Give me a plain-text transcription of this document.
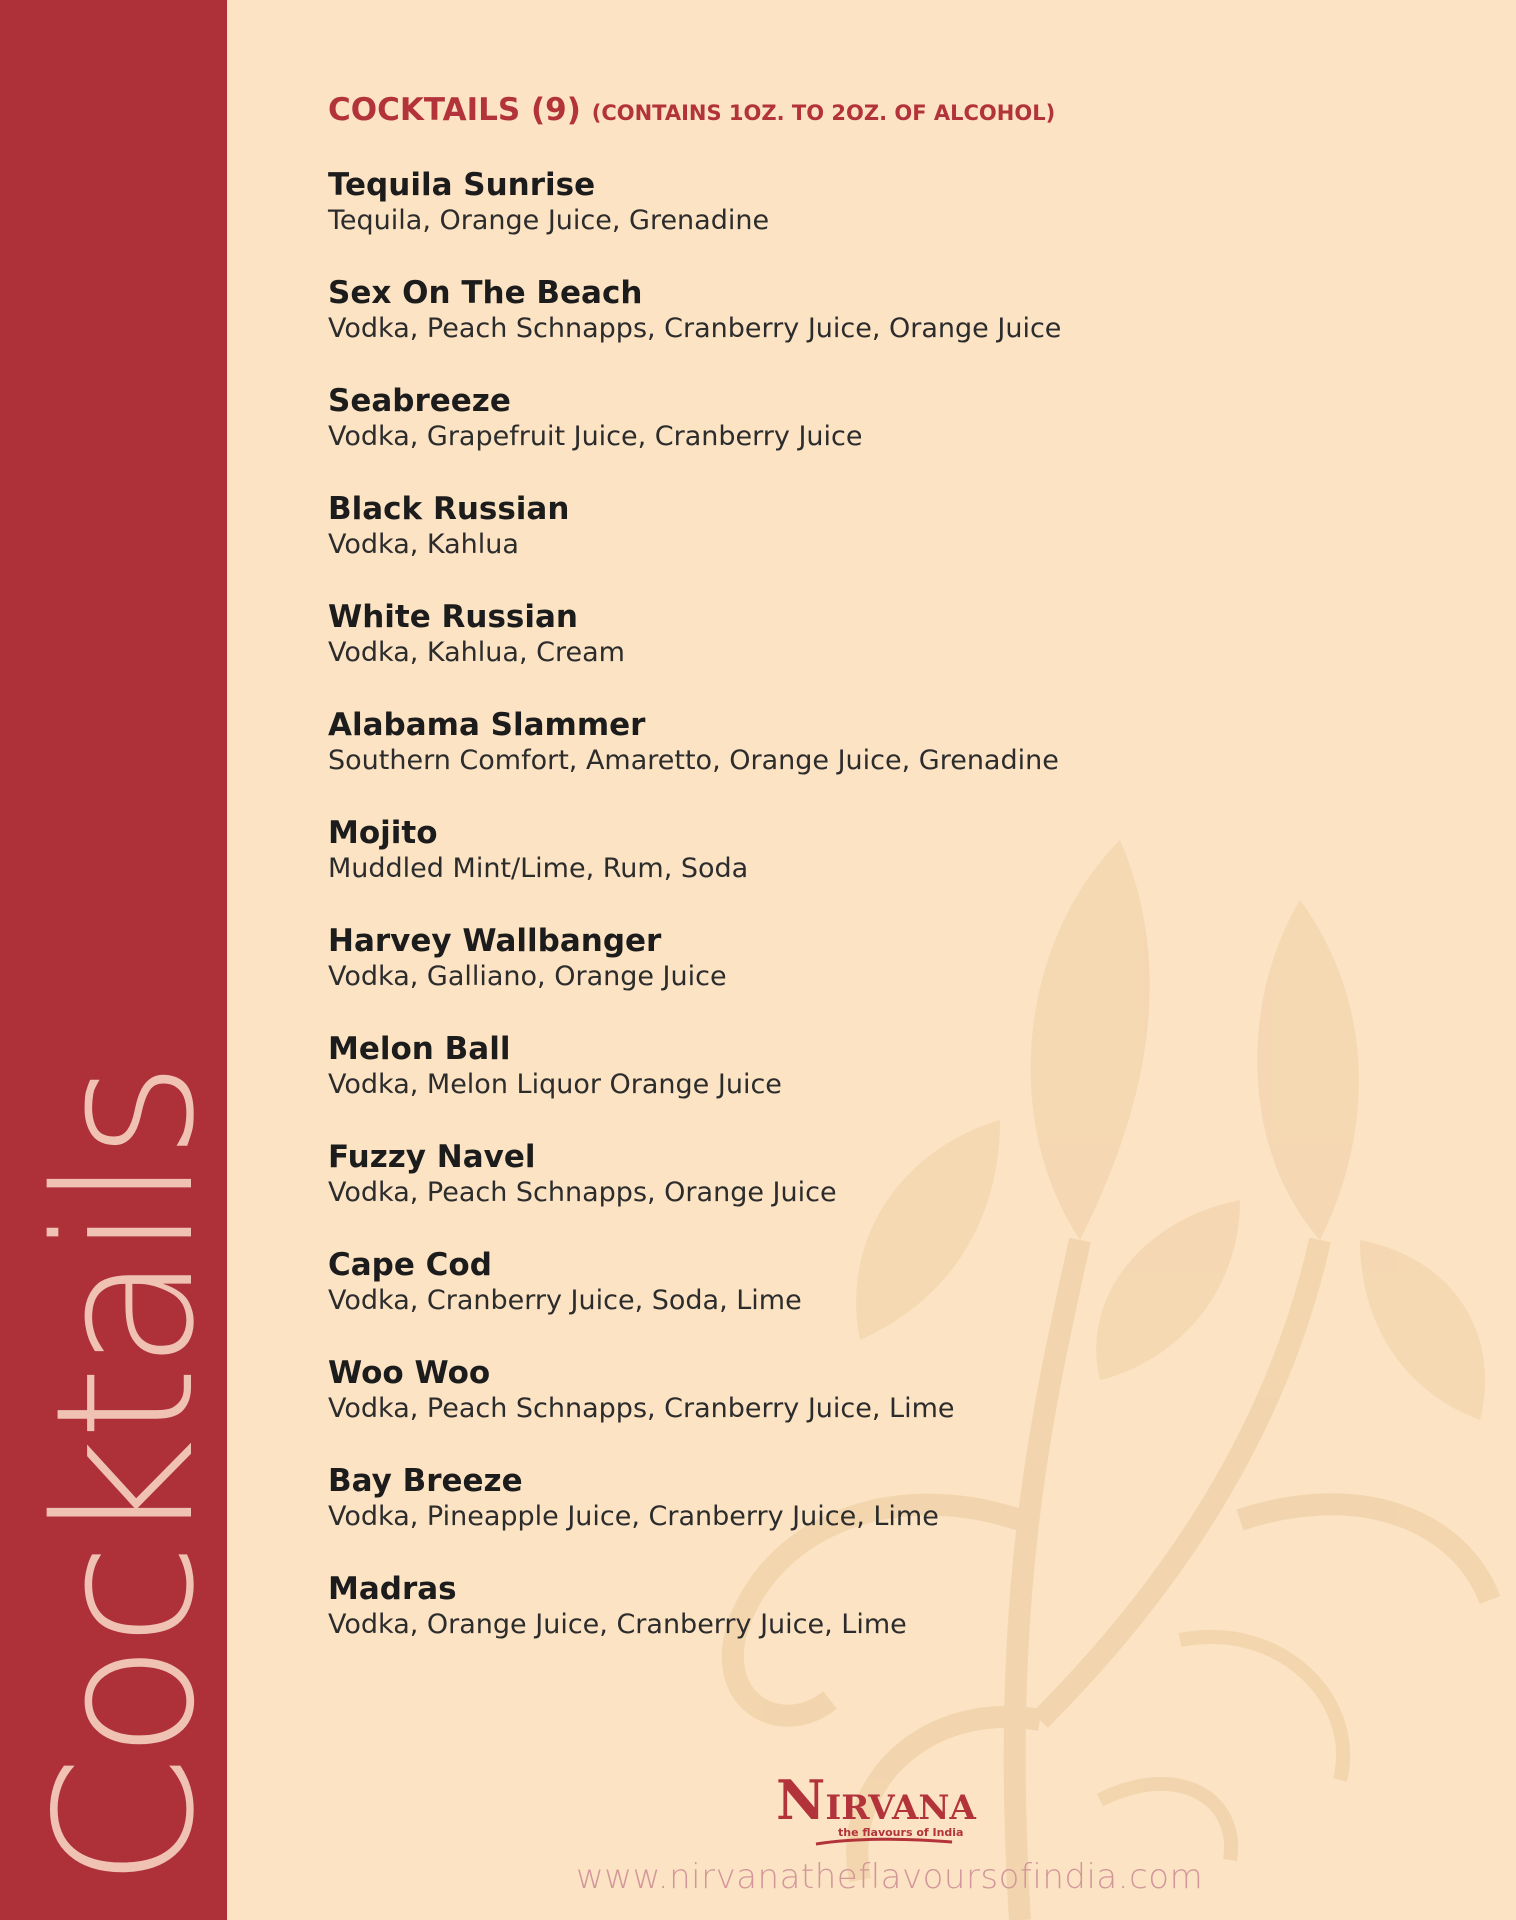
Cocktails
COCKTAILS (9) (CONTAINS 1OZ. TO 2OZ. OF ALCOHOL)
Tequila Sunrise
Tequila, Orange Juice, Grenadine
Sex On The Beach
Vodka, Peach Schnapps, Cranberry Juice, Orange Juice
Seabreeze
Vodka, Grapefruit Juice, Cranberry Juice
Black Russian
Vodka, Kahlua
White Russian
Vodka, Kahlua, Cream
Alabama Slammer
Southern Comfort, Amaretto, Orange Juice, Grenadine
Mojito
Muddled Mint/Lime, Rum, Soda
Harvey Wallbanger
Vodka, Galliano, Orange Juice
Melon Ball
Vodka, Melon Liquor Orange Juice
Fuzzy Navel
Vodka, Peach Schnapps, Orange Juice
Cape Cod
Vodka, Cranberry Juice, Soda, Lime
Woo Woo
Vodka, Peach Schnapps, Cranberry Juice, Lime
Bay Breeze
Vodka, Pineapple Juice, Cranberry Juice, Lime
Madras
Vodka, Orange Juice, Cranberry Juice, Lime
NIRVANA
the flavours of India
www.nirvanatheflavoursofindia.com
